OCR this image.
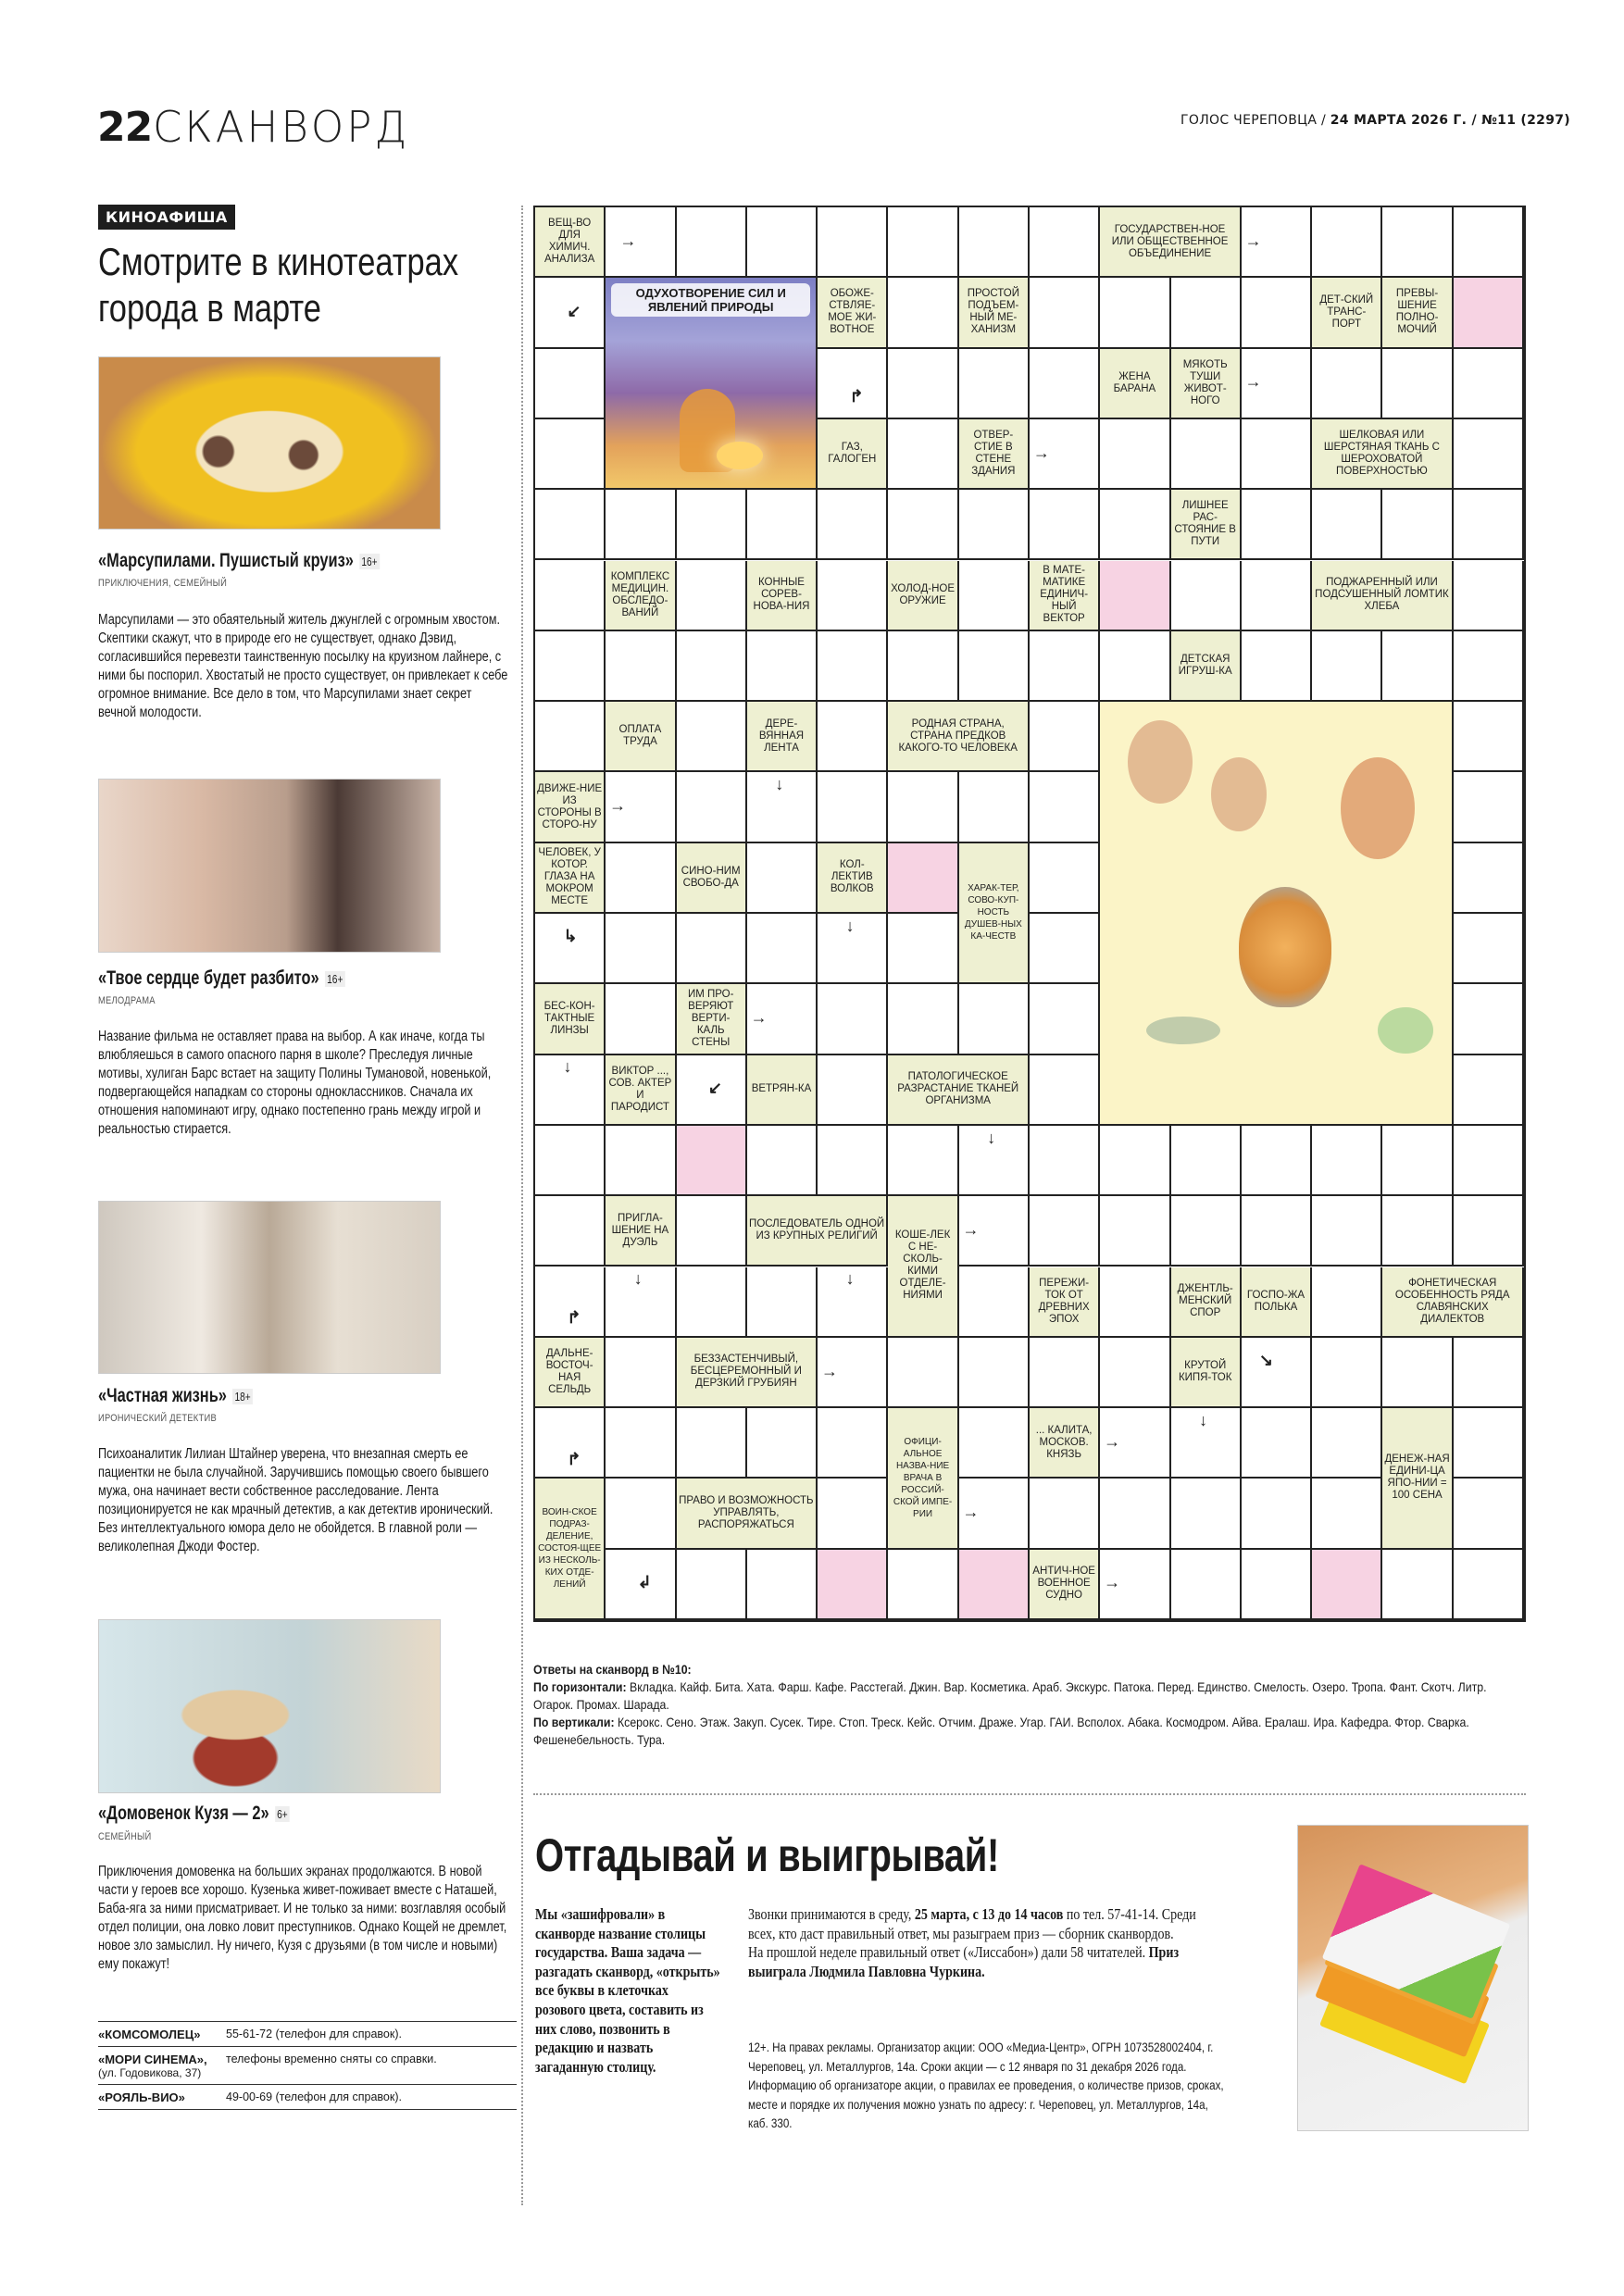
22 СКАНВОРД	ГОЛОС ЧЕРЕПОВЦА / 24 МАРТА 2026 Г. / №11 (2297)
КИНОАФИША
Смотрите в кинотеатрах города в марте
«Марсупилами. Пушистый круиз» 16+
ПРИКЛЮЧЕНИЯ, СЕМЕЙНЫЙ
Марсупилами — это обаятельный житель джунглей с огромным хвостом. Скептики скажут, что в природе его не существует, однако Дэвид, согласившийся перевезти таинственную посылку на круизном лайнере, с ними бы поспорил. Хвостатый не просто существует, он привлекает к себе огромное внимание. Все дело в том, что Марсупилами знает секрет вечной молодости.
«Твое сердце будет разбито» 16+
МЕЛОДРАМА
Название фильма не оставляет права на выбор. А как иначе, когда ты влюбляешься в самого опасного парня в школе? Преследуя личные мотивы, хулиган Барс встает на защиту Полины Тумановой, новенькой, подвергающейся нападкам со стороны одноклассников. Сначала их отношения напоминают игру, однако постепенно грань между игрой и реальностью стирается.
«Частная жизнь» 18+
ИРОНИЧЕСКИЙ ДЕТЕКТИВ
Психоаналитик Лилиан Штайнер уверена, что внезапная смерть ее пациентки не была случайной. Заручившись помощью своего бывшего мужа, она начинает вести собственное расследование. Лента позиционируется не как мрачный детектив, а как детектив иронический. Без интеллектуального юмора дело не обойдется. В главной роли — великолепная Джоди Фостер.
«Домовенок Кузя — 2» 6+
СЕМЕЙНЫЙ
Приключения домовенка на больших экранах продолжаются. В новой части у героев все хорошо. Кузенька живет-поживает вместе с Наташей, Баба-яга за ними присматривает. И не только за ними: возглавляя особый отдел полиции, она ловко ловит преступников. Однако Кощей не дремлет, новое зло замыслил. Ну ничего, Кузя с друзьями (в том числе и новыми) ему покажут!
«КОМСОМОЛЕЦ»	55-61-72 (телефон для справок).
«МОРИ СИНЕМА»,
(ул. Годовикова, 37)
телефоны временно сняты со справки.
«РОЯЛЬ-ВИО»	49-00-69 (телефон для справок).
ОДУХОТВОРЕНИЕ СИЛ И ЯВЛЕНИЙ ПРИРОДЫ
ВЕЩ-ВО ДЛЯ ХИМИЧ. АНАЛИЗА
ГОСУДАРСТВЕН-НОЕ ИЛИ ОБЩЕСТВЕННОЕ ОБЪЕДИНЕНИЕ
ОБОЖЕ-СТВЛЯЕ-МОЕ ЖИ-ВОТНОЕ
ПРОСТОЙ ПОДЪЕМ-НЫЙ МЕ-ХАНИЗМ
ДЕТ-СКИЙ ТРАНС-ПОРТ
ПРЕВЫ-ШЕНИЕ ПОЛНО-МОЧИЙ
ЖЕНА БАРАНА
МЯКОТЬ ТУШИ ЖИВОТ-НОГО
ГАЗ, ГАЛОГЕН
ОТВЕР-СТИЕ В СТЕНЕ ЗДАНИЯ
ШЕЛКОВАЯ ИЛИ ШЕРСТЯНАЯ ТКАНЬ С ШЕРОХОВАТОЙ ПОВЕРХНОСТЬЮ
ЛИШНЕЕ РАС-СТОЯНИЕ В ПУТИ
КОМПЛЕКС МЕДИЦИН. ОБСЛЕДО-ВАНИЙ
КОННЫЕ СОРЕВ-НОВА-НИЯ
ХОЛОД-НОЕ ОРУЖИЕ
В МАТЕ-МАТИКЕ ЕДИНИЧ-НЫЙ ВЕКТОР
ПОДЖАРЕННЫЙ ИЛИ ПОДСУШЕННЫЙ ЛОМТИК ХЛЕБА
ДЕТСКАЯ ИГРУШ-КА
ОПЛАТА ТРУДА
ДЕРЕ-ВЯННАЯ ЛЕНТА
РОДНАЯ СТРАНА, СТРАНА ПРЕДКОВ КАКОГО-ТО ЧЕЛОВЕКА
ДВИЖЕ-НИЕ ИЗ СТОРОНЫ В СТОРО-НУ
ЧЕЛОВЕК, У КОТОР. ГЛАЗА НА МОКРОМ МЕСТЕ
СИНО-НИМ СВОБО-ДА
КОЛ-ЛЕКТИВ ВОЛКОВ	ХАРАК-ТЕР, СОВО-КУП-НОСТЬ ДУШЕВ-НЫХ КА-ЧЕСТВ
БЕС-КОН-ТАКТНЫЕ ЛИНЗЫ
ИМ ПРО-ВЕРЯЮТ ВЕРТИ-КАЛЬ СТЕНЫ
ВИКТОР ..., СОВ. АКТЕР И ПАРОДИСТ
ВЕТРЯН-КА
ПАТОЛОГИЧЕСКОЕ РАЗРАСТАНИЕ ТКАНЕЙ ОРГАНИЗМА
ПРИГЛА-ШЕНИЕ НА ДУЭЛЬ
ПОСЛЕДОВАТЕЛЬ ОДНОЙ ИЗ КРУПНЫХ РЕЛИГИЙ	КОШЕ-ЛЕК С НЕ-СКОЛЬ-КИМИ ОТДЕЛЕ-НИЯМИ
ПЕРЕЖИ-ТОК ОТ ДРЕВНИХ ЭПОХ
ДЖЕНТЛЬ-МЕНСКИЙ СПОР
ГОСПО-ЖА ПОЛЬКА
ФОНЕТИЧЕСКАЯ ОСОБЕННОСТЬ РЯДА СЛАВЯНСКИХ ДИАЛЕКТОВ
ДАЛЬНЕ-ВОСТОЧ-НАЯ СЕЛЬДЬ
БЕЗЗАСТЕНЧИВЫЙ, БЕСЦЕРЕМОННЫЙ И ДЕРЗКИЙ ГРУБИЯН
КРУТОЙ КИПЯ-ТОК
ОФИЦИ-АЛЬНОЕ НАЗВА-НИЕ ВРАЧА В РОССИЙ-СКОЙ ИМПЕ-РИИ
... КАЛИТА, МОСКОВ. КНЯЗЬ	ДЕНЕЖ-НАЯ ЕДИНИ-ЦА ЯПО-НИИ = 100 СЕНА
ВОИН-СКОЕ ПОДРАЗ-ДЕЛЕНИЕ, СОСТОЯ-ЩЕЕ ИЗ НЕСКОЛЬ-КИХ ОТДЕ-ЛЕНИЙ
ПРАВО И ВОЗМОЖНОСТЬ УПРАВЛЯТЬ, РАСПОРЯЖАТЬСЯ
АНТИЧ-НОЕ ВОЕННОЕ СУДНО
→
↙
↱
→
→
→
→
↓
↳
↓
→
↓
↙
↓
→
↓	↓
↱
→
↘
↓
↱
→
→
→
↲
Ответы на сканворд в №10:
По горизонтали: Вкладка. Кайф. Бита. Хата. Фарш. Кафе. Расстегай. Джин. Вар. Косметика. Араб. Экскурс. Патока. Перед. Единство. Смелость. Озеро. Тропа. Фант. Скотч. Литр. Огарок. Промах. Шарада.
По вертикали: Ксерокс. Сено. Этаж. Закуп. Сусек. Тире. Стоп. Треск. Кейс. Отчим. Драже. Угар. ГАИ. Всполох. Абака. Космодром. Айва. Ералаш. Ира. Кафедра. Фтор. Сварка. Фешенебельность. Тура.
Отгадывай и выигрывай!
Мы «зашифровали» в сканворде название столицы государства. Ваша задача — разгадать сканворд, «открыть» все буквы в клеточках розового цвета, составить из них слово, позвонить в редакцию и назвать загаданную столицу.
Звонки принимаются в среду, 25 марта, с 13 до 14 часов по тел. 57-41-14. Среди всех, кто даст правильный ответ, мы разыграем приз — сборник сканвордов.
На прошлой неделе правильный ответ («Лиссабон») дали 58 читателей. Приз выиграла Людмила Павловна Чуркина.
12+. На правах рекламы. Организатор акции: ООО «Медиа-Центр», ОГРН 1073528002404, г. Череповец, ул. Металлургов, 14а. Сроки акции — с 12 января по 31 декабря 2026 года. Информацию об организаторе акции, о правилах ее проведения, о количестве призов, сроках, месте и порядке их получения можно узнать по адресу: г. Череповец, ул. Металлургов, 14а, каб. 330.
